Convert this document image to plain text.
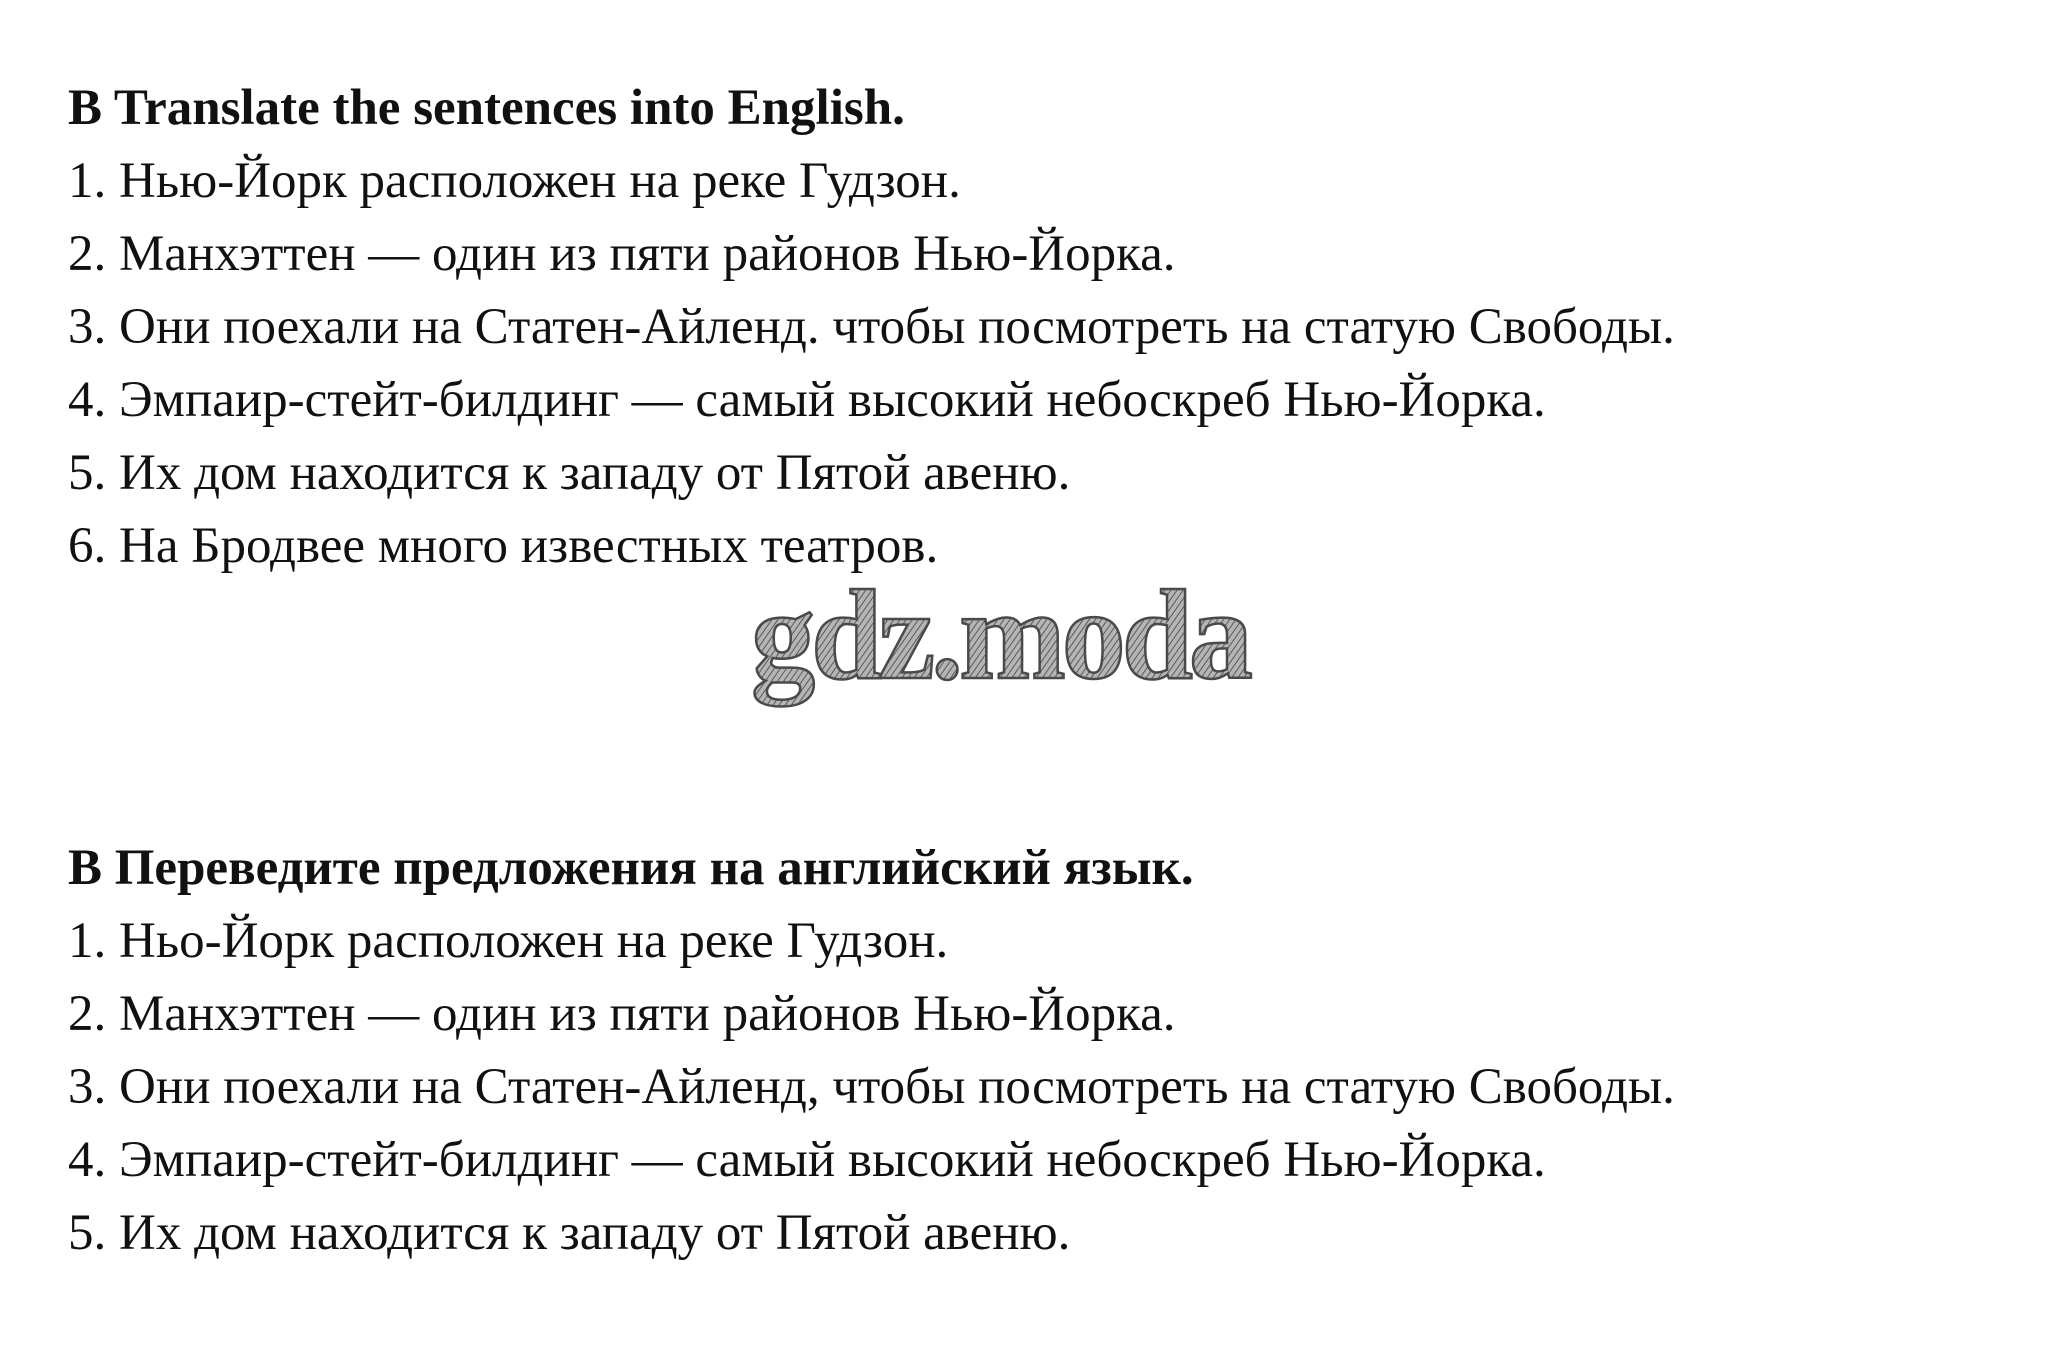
B Translate the sentences into English.
1. Нью-Йорк расположен на реке Гудзон.
2. Манхэттен — один из пяти районов Нью-Йорка.
3. Они поехали на Статен-Айленд. чтобы посмотреть на статую Свободы.
4. Эмпаир-стейт-билдинг — самый высокий небоскреб Нью-Йорка.
5. Их дом находится к западу от Пятой авеню.
6. На Бродвее много известных театров.
gdz.moda
B Переведите предложения на английский язык.
1. Ньо-Йорк расположен на реке Гудзон.
2. Манхэттен — один из пяти районов Нью-Йорка.
3. Они поехали на Статен-Айленд, чтобы посмотреть на статую Свободы.
4. Эмпаир-стейт-билдинг — самый высокий небоскреб Нью-Йорка.
5. Их дом находится к западу от Пятой авеню.
